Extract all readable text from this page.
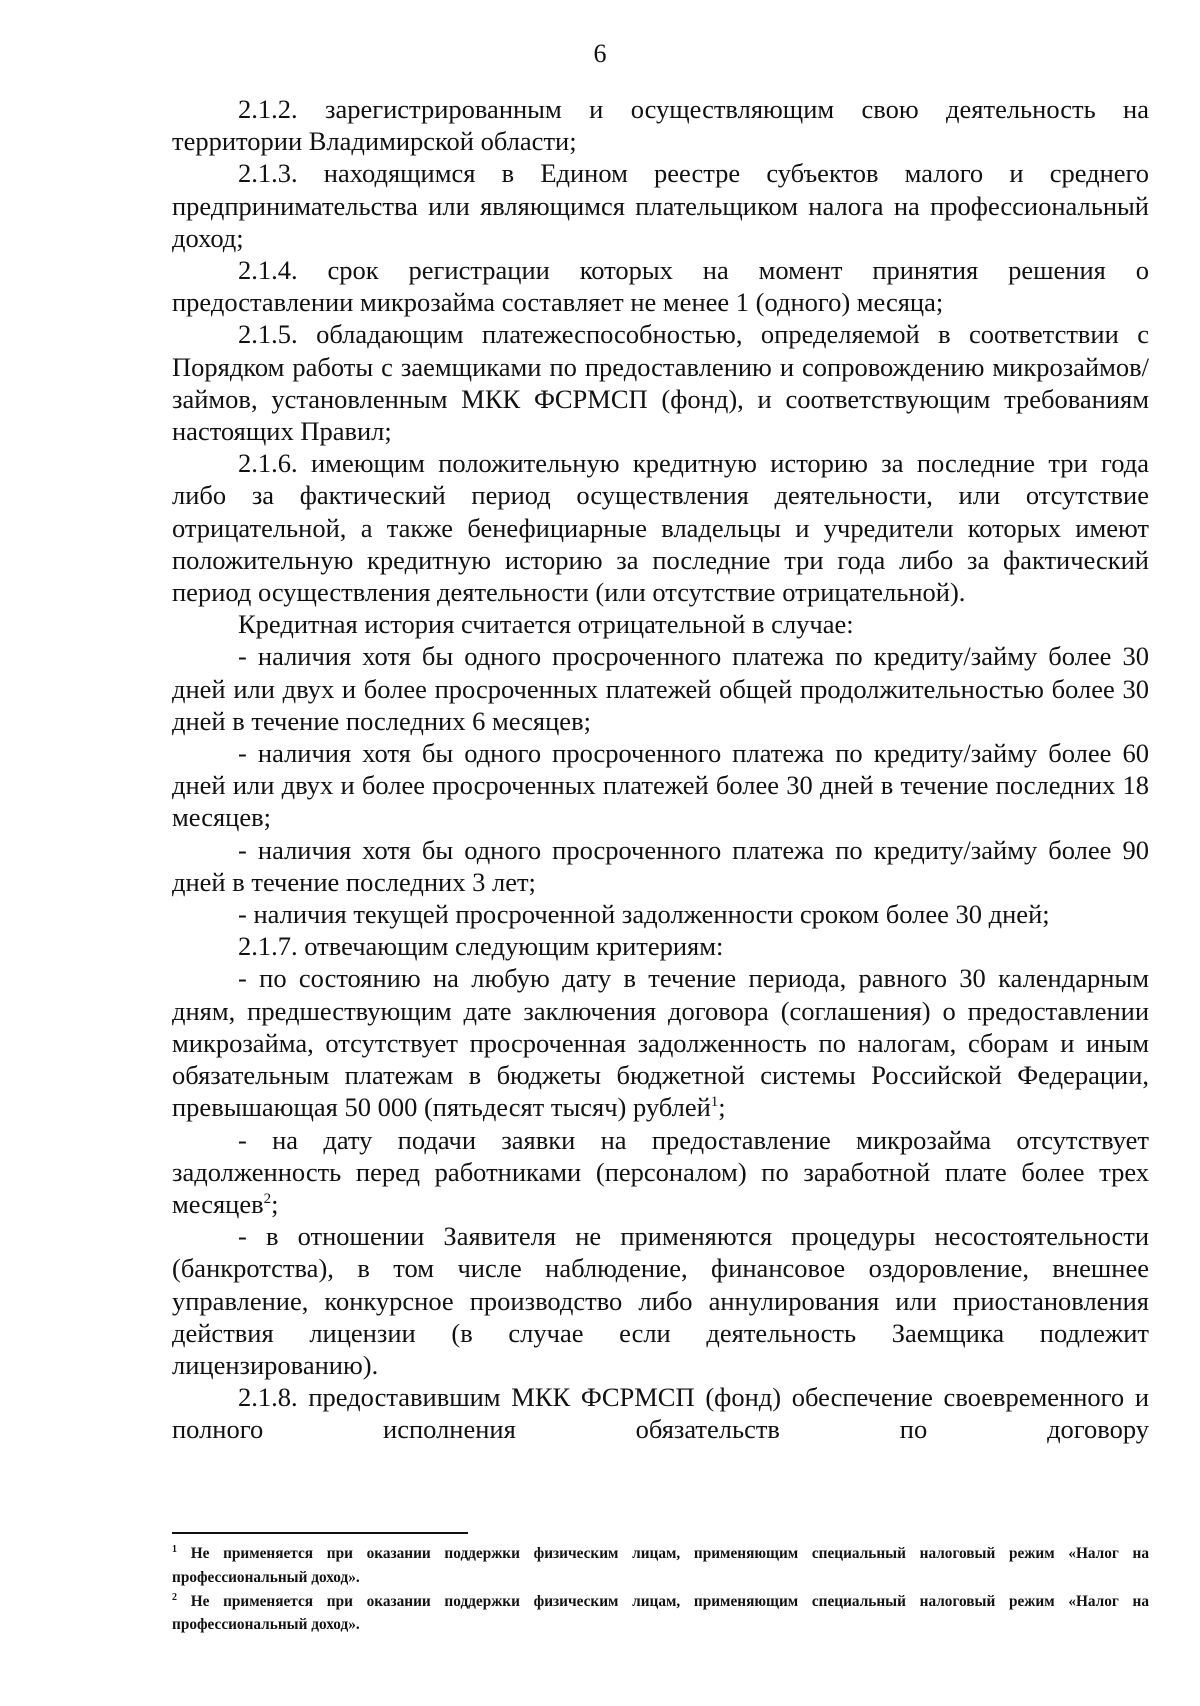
6

2.1.2. зарегистрированным и осуществляющим свою деятельность на территории Владимирской области;

2.1.3. находящимся в Едином реестре субъектов малого и среднего предпринимательства или являющимся плательщиком налога на профессиональный доход;

2.1.4. срок регистрации которых на момент принятия решения о предоставлении микрозайма составляет не менее 1 (одного) месяца;

2.1.5. обладающим платежеспособностью, определяемой в соответствии с Порядком работы с заемщиками по предоставлению и сопровождению микрозаймов/займов, установленным МКК ФСРМСП (фонд), и соответствующим требованиям настоящих Правил;

2.1.6. имеющим положительную кредитную историю за последние три года либо за фактический период осуществления деятельности, или отсутствие отрицательной, а также бенефициарные владельцы и учредители которых имеют положительную кредитную историю за последние три года либо за фактический период осуществления деятельности (или отсутствие отрицательной).

Кредитная история считается отрицательной в случае:

- наличия хотя бы одного просроченного платежа по кредиту/займу более 30 дней или двух и более просроченных платежей общей продолжительностью более 30 дней в течение последних 6 месяцев;

- наличия хотя бы одного просроченного платежа по кредиту/займу более 60 дней или двух и более просроченных платежей более 30 дней в течение последних 18 месяцев;

- наличия хотя бы одного просроченного платежа по кредиту/займу более 90 дней в течение последних 3 лет;

- наличия текущей просроченной задолженности сроком более 30 дней;

2.1.7. отвечающим следующим критериям:

- по состоянию на любую дату в течение периода, равного 30 календарным дням, предшествующим дате заключения договора (соглашения) о предоставлении микрозайма, отсутствует просроченная задолженность по налогам, сборам и иным обязательным платежам в бюджеты бюджетной системы Российской Федерации, превышающая 50 000 (пятьдесят тысяч) рублей$^1$;

- на дату подачи заявки на предоставление микрозайма отсутствует задолженность перед работниками (персоналом) по заработной плате более трех месяцев$^2$;

- в отношении Заявителя не применяются процедуры несостоятельности (банкротства), в том числе наблюдение, финансовое оздоровление, внешнее управление, конкурсное производство либо аннулирования или приостановления действия лицензии (в случае если деятельность Заемщика подлежит лицензированию).

2.1.8. предоставившим МКК ФСРМСП (фонд) обеспечение своевременного и полного исполнения обязательств по договору

$^1$ Не применяется при оказании поддержки физическим лицам, применяющим специальный налоговый режим «Налог на профессиональный доход».

$^2$ Не применяется при оказании поддержки физическим лицам, применяющим специальный налоговый режим «Налог на профессиональный доход».
